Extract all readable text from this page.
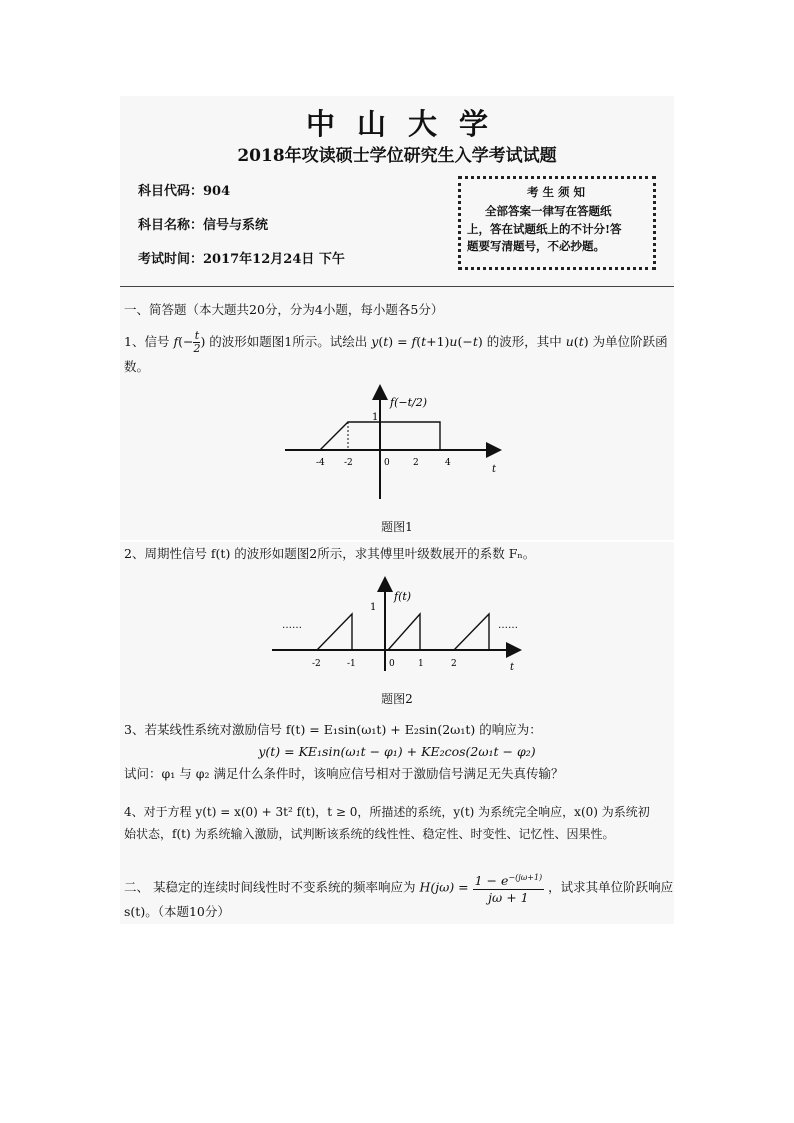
中山大学
2018年攻读硕士学位研究生入学考试试题
科目代码：904
科目名称：信号与系统
考试时间：2017年12月24日 下午
考生须知
全部答案一律写在答题纸
上，答在试题纸上的不计分!答
题要写清题号，不必抄题。
一、简答题（本大题共20分，分为4小题，每小题各5分）
1、信号 $f(- \frac{t}{2}$ ) 的波形如题图1所示。试绘出 y(t) = f(t+1)u(−t) 的波形，其中 u(t) 为单位阶跃函
数。
1
f(−t/2)
-4 -2	0	2	4
t
题图1
2、周期性信号 f(t) 的波形如题图2所示，求其傅里叶级数展开的系数 Fₙ。
1
f(t)
……	……
-2	-1	0	1	2	t
题图2
3、若某线性系统对激励信号 f(t) = E₁sin(ω₁t) + E₂sin(2ω₁t) 的响应为：
y(t) = KE₁sin(ω₁t − φ₁) + KE₂cos(2ω₁t − φ₂)
试问：φ₁ 与 φ₂ 满足什么条件时，该响应信号相对于激励信号满足无失真传输？
4、对于方程 y(t) = x(0) + 3t² f(t)，t ≥ 0，所描述的系统，y(t) 为系统完全响应，x(0) 为系统初
始状态，f(t) 为系统输入激励，试判断该系统的线性性、稳定性、时变性、记忆性、因果性。
二、 某稳定的连续时间线性时不变系统的频率响应为 $H(j\omega) = \frac{1 - e^{-(j\omega+1)}}{j\omega + 1}$ ，试求其单位阶跃响应
s(t)。（本题10分）
